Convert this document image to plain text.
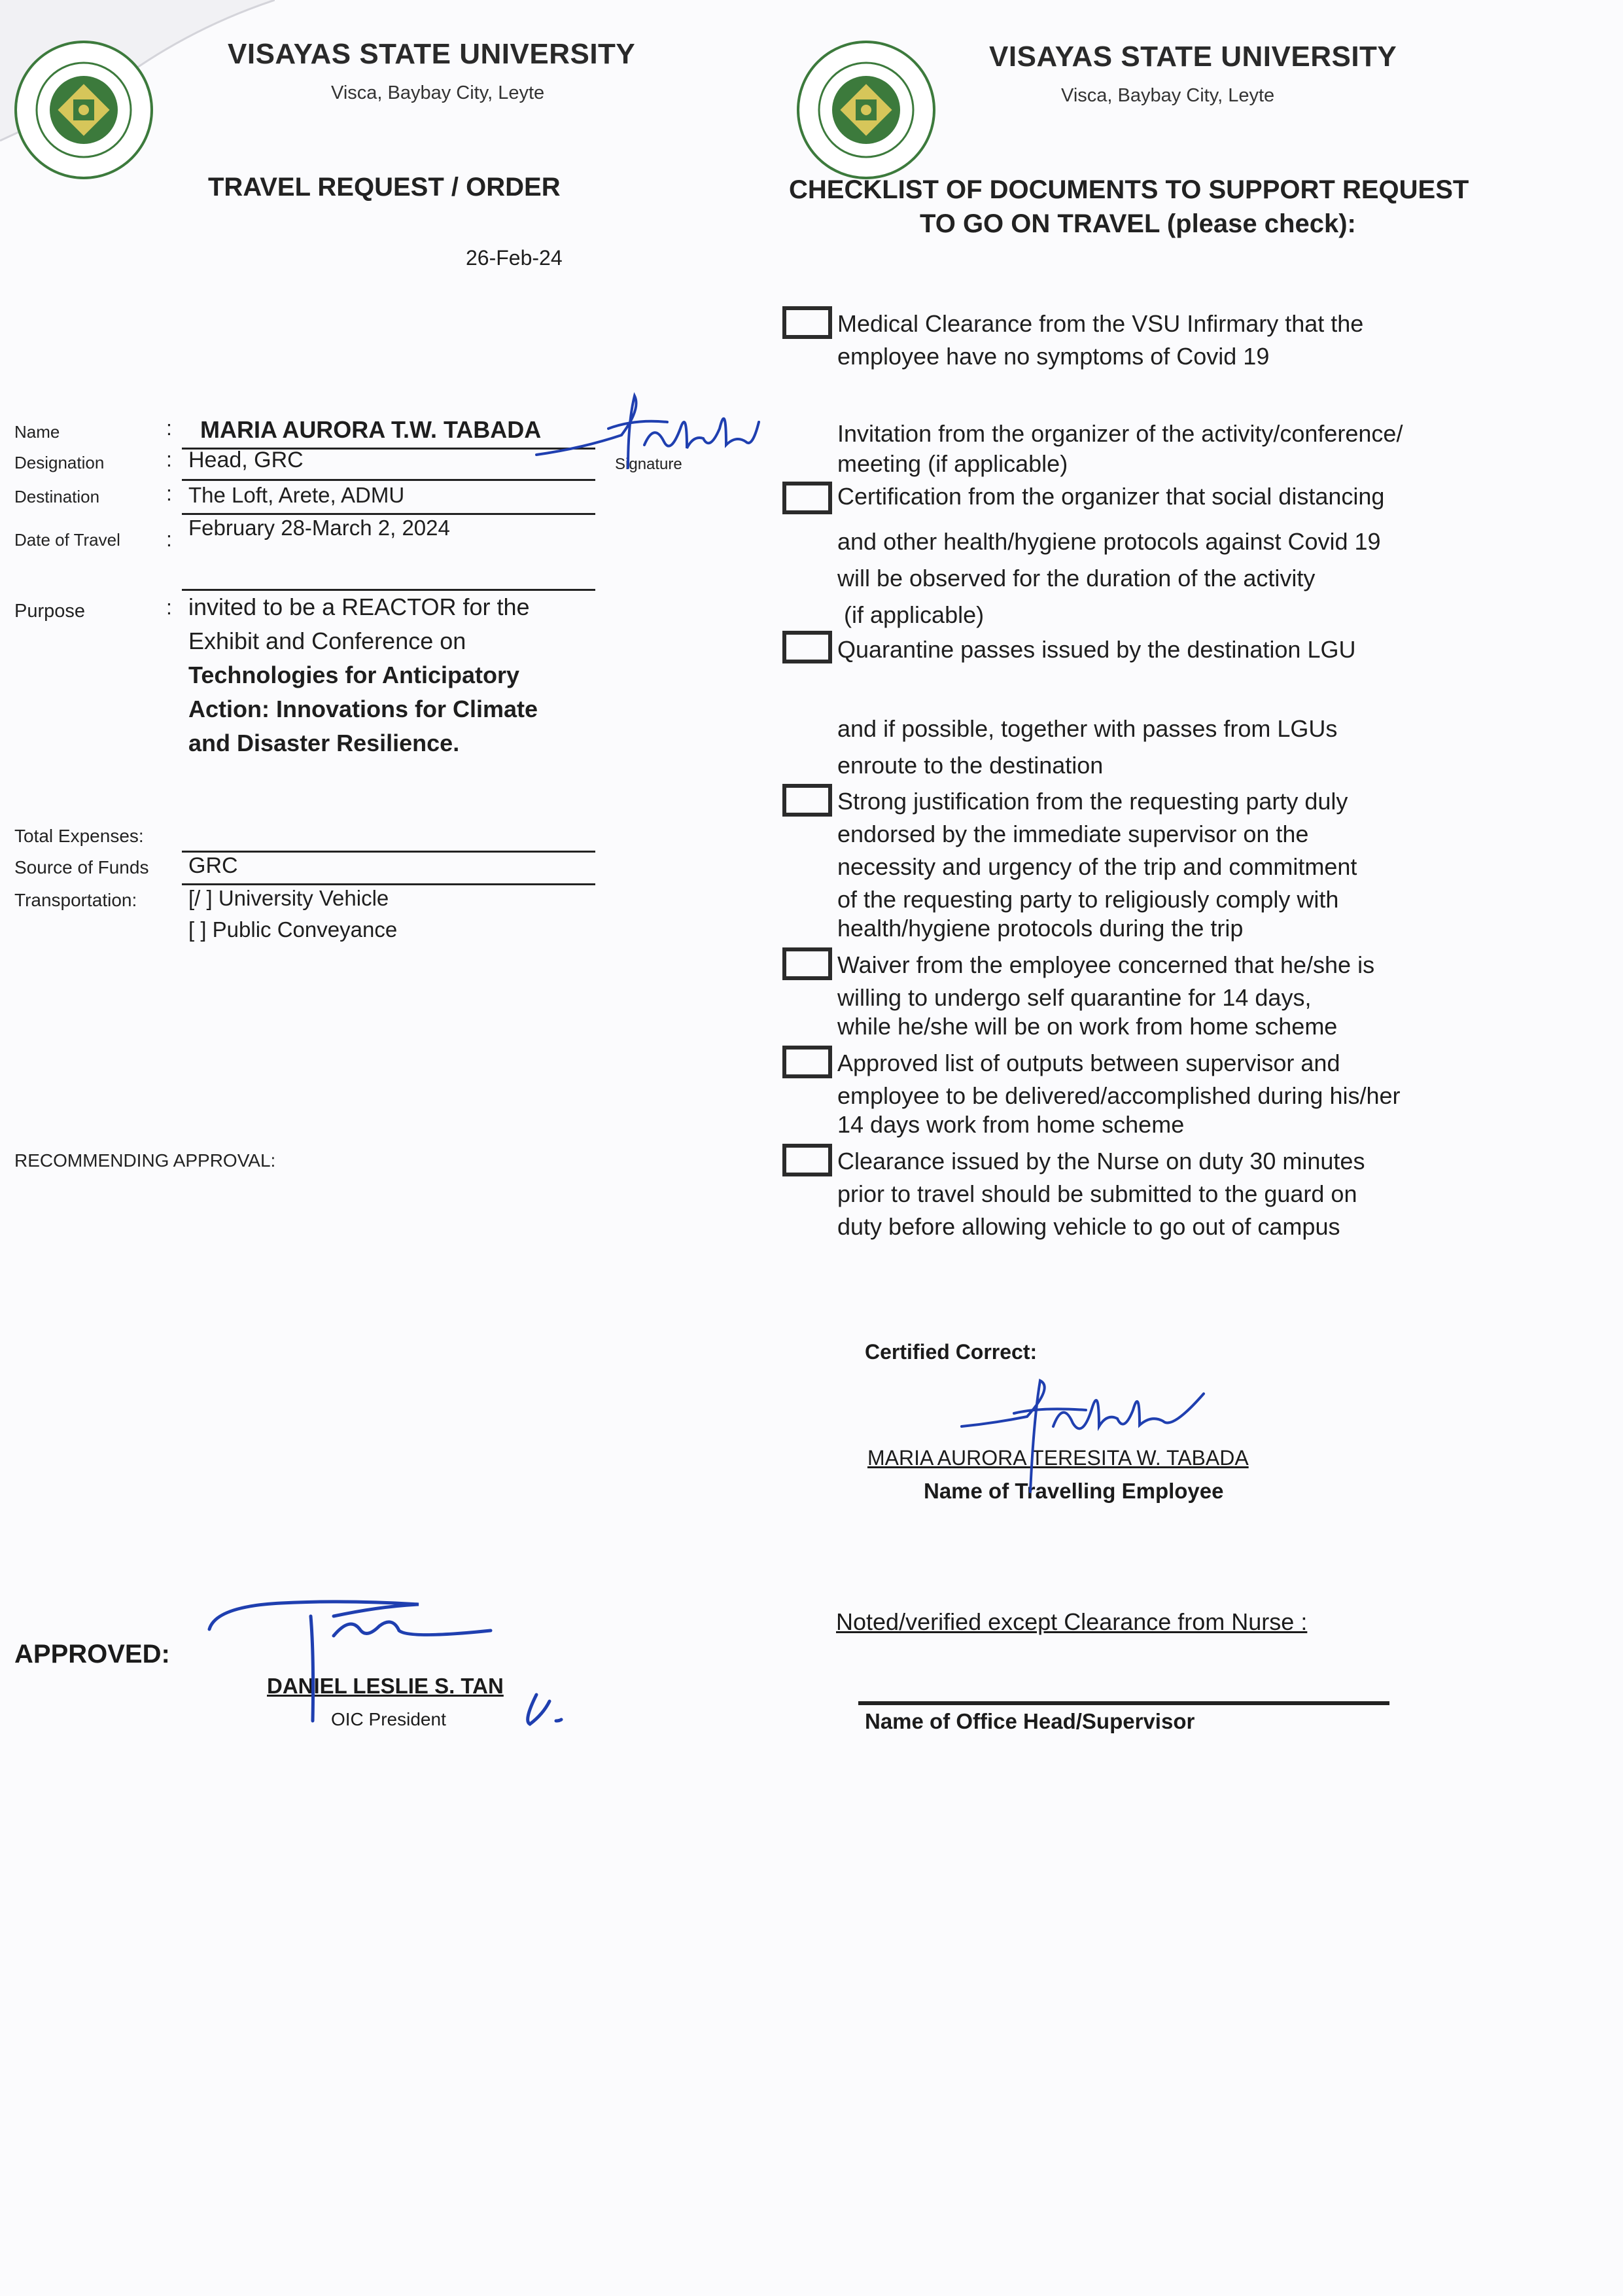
VISAYAS STATE UNIVERSITY
Visca, Baybay City, Leyte
TRAVEL REQUEST / ORDER
26-Feb-24
Name	: MARIA AURORA T.W. TABADA
Signature
Designation	: Head, GRC
Destination	: The Loft, Arete, ADMU
Date of Travel : February 28-March 2, 2024
Purpose	: invited to be a REACTOR for the
Exhibit and Conference on
Technologies for Anticipatory
Action: Innovations for Climate
and Disaster Resilience.
Total Expenses:
Source of Funds GRC
Transportation: [/ ] University Vehicle
[ ] Public Conveyance
RECOMMENDING APPROVAL:
APPROVED:
DANIEL LESLIE S. TAN
OIC President
VISAYAS STATE UNIVERSITY
Visca, Baybay City, Leyte
CHECKLIST OF DOCUMENTS TO SUPPORT REQUEST
TO GO ON TRAVEL (please check):
Medical Clearance from the VSU Infirmary that the
employee have no symptoms of Covid 19
Invitation from the organizer of the activity/conference/
meeting (if applicable)
Certification from the organizer that social distancing
and other health/hygiene protocols against Covid 19
will be observed for the duration of the activity
(if applicable)
Quarantine passes issued by the destination LGU
and if possible, together with passes from LGUs
enroute to the destination
Strong justification from the requesting party duly
endorsed by the immediate supervisor on the
necessity and urgency of the trip and commitment
of the requesting party to religiously comply with
health/hygiene protocols during the trip
Waiver from the employee concerned that he/she is
willing to undergo self quarantine for 14 days,
while he/she will be on work from home scheme
Approved list of outputs between supervisor and
employee to be delivered/accomplished during his/her
14 days work from home scheme
Clearance issued by the Nurse on duty 30 minutes
prior to travel should be submitted to the guard on
duty before allowing vehicle to go out of campus
Certified Correct:
MARIA AURORA TERESITA W. TABADA
Name of Travelling Employee
Noted/verified except Clearance from Nurse :
Name of Office Head/Supervisor
